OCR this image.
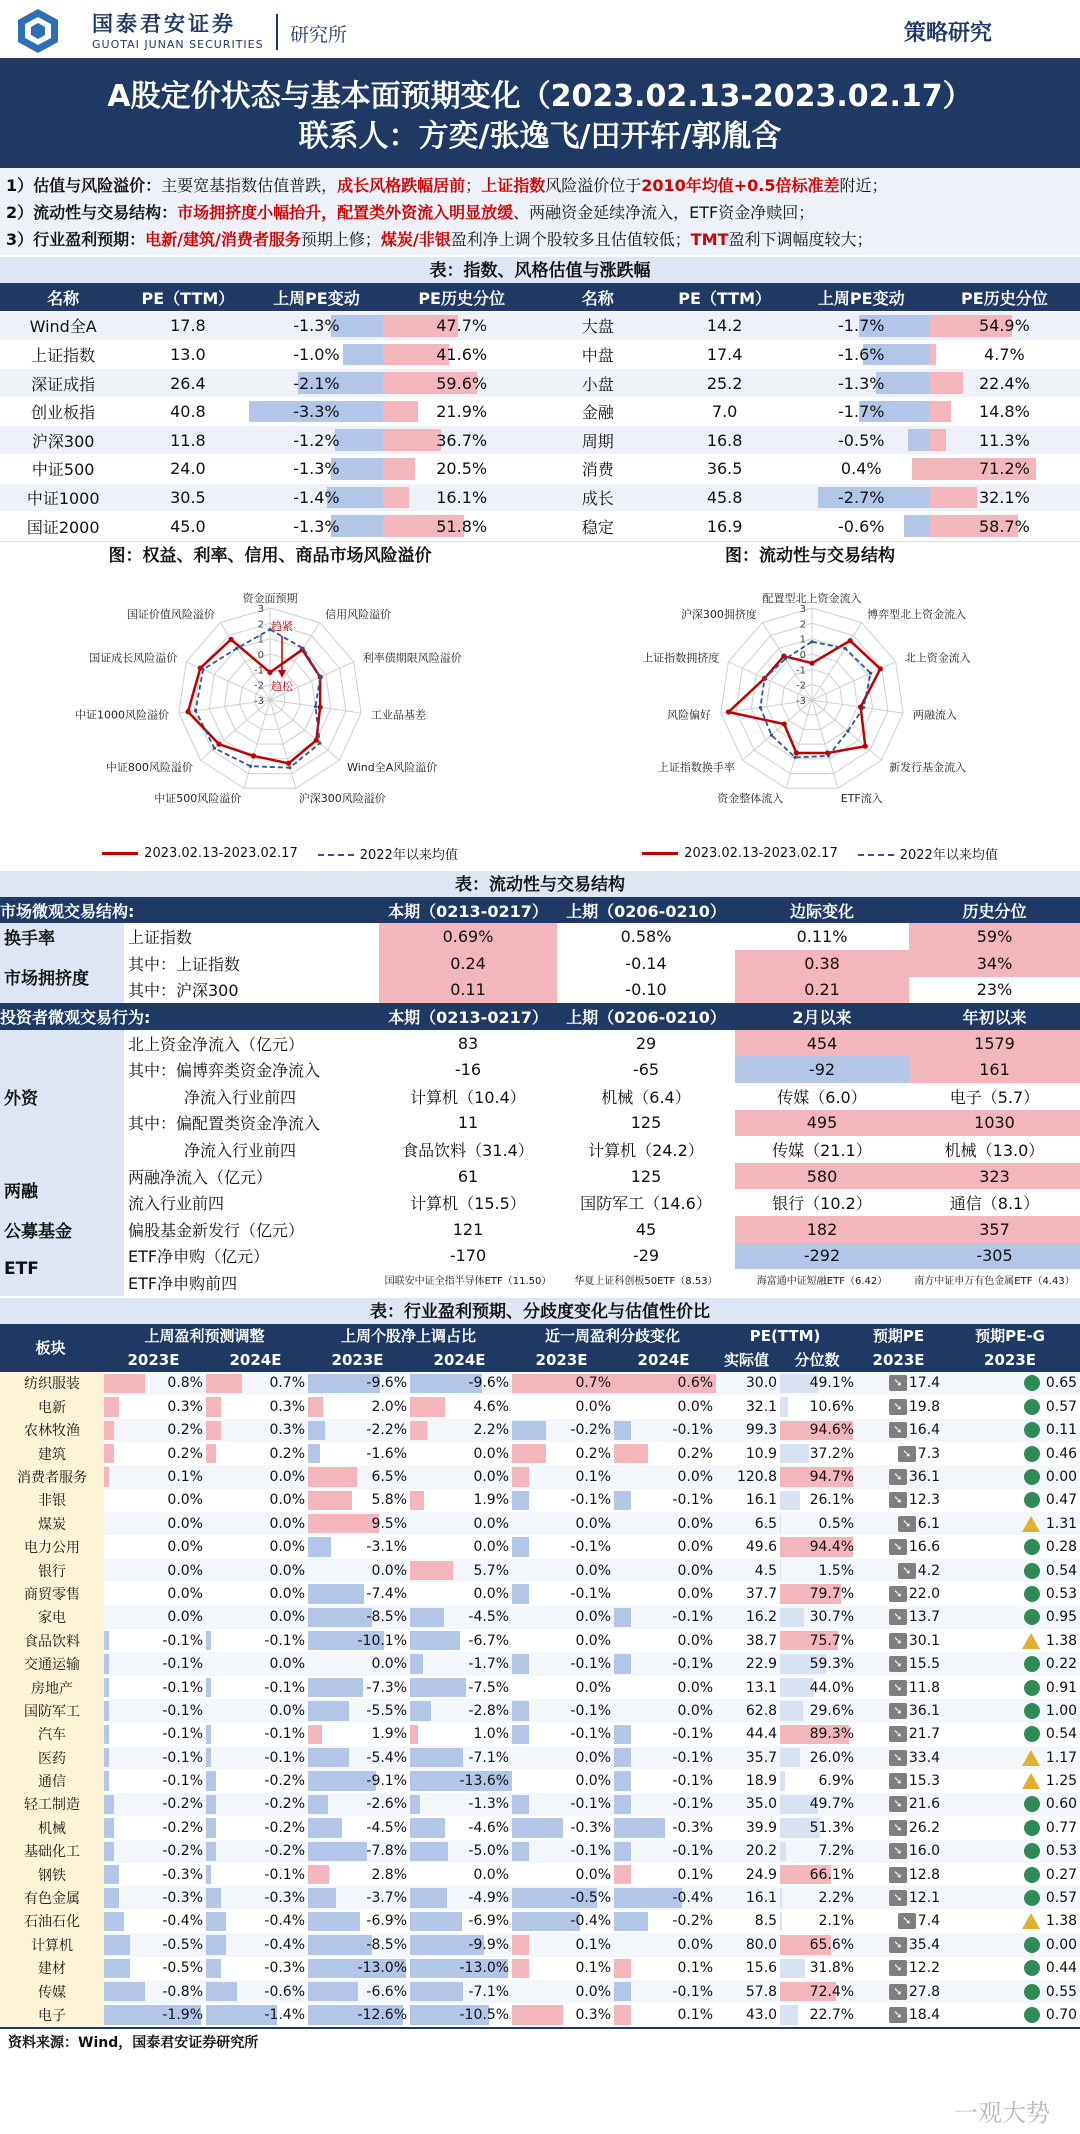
国泰君安证券
GUOTAI JUNAN SECURITIES 研究所	策略研究
A股定价状态与基本面预期变化（2023.02.13-2023.02.17）
联系人：方奕/张逸飞/田开轩/郭胤含
1）估值与风险溢价：主要宽基指数估值普跌，成长风格跌幅居前；上证指数风险溢价位于2010年均值+0.5倍标准差附近；
2）流动性与交易结构：市场拥挤度小幅抬升，配置类外资流入明显放缓、两融资金延续净流入，ETF资金净赎回；
3）行业盈利预期：电新/建筑/消费者服务预期上修；煤炭/非银盈利净上调个股较多且估值较低；TMT盈利下调幅度较大；
表：指数、风格估值与涨跌幅
名称	PE（TTM）	上周PE变动	PE历史分位	名称	PE（TTM）	上周PE变动	PE历史分位
Wind全A	17.8	-1.3%	47.7%	大盘	14.2	-1.7%	54.9%
上证指数	13.0	-1.0%	41.6%	中盘	17.4	-1.6%	4.7%
深证成指	26.4	-2.1%	59.6%	小盘	25.2	-1.3%	22.4%
创业板指	40.8	-3.3%	21.9%	金融	7.0	-1.7%	14.8%
沪深300	11.8	-1.2%	36.7%	周期	16.8	-0.5%	11.3%
中证500	24.0	-1.3%	20.5%	消费	36.5	0.4%	71.2%
中证1000	30.5	-1.4%	16.1%	成长	45.8	-2.7%	32.1%
国证2000	45.0	-1.3%	51.8%	稳定	16.9	-0.6%	58.7%
图：权益、利率、信用、商品市场风险溢价
3
2
1
0
-1
-2
-3
资金面预期
信用风险溢价
利率债期限风险溢价
工业品基差
Wind全A风险溢价
沪深300风险溢价
中证500风险溢价
中证800风险溢价
中证1000风险溢价
国证成长风险溢价
国证价值风险溢价
趋紧
趋松
2023.02.13-2023.02.17	2022年以来均值
图：流动性与交易结构
3
2
1
0
-1
-2
-3
配置型北上资金流入
博弈型北上资金流入
北上资金流入
两融流入
新发行基金流入
ETF流入
资金整体流入
上证指数换手率
风险偏好
上证指数拥挤度
沪深300拥挤度
2023.02.13-2023.02.17	2022年以来均值
表：流动性与交易结构
市场微观交易结构:		本期（0213-0217）	上期（0206-0210）	边际变化	历史分位
换手率	上证指数	0.69%	0.58%	0.11%	59%
市场拥挤度	其中：上证指数	0.24	-0.14	0.38	34%
	其中：沪深300	0.11	-0.10	0.21	23%
投资者微观交易行为:		本期（0213-0217）	上期（0206-0210）	2月以来	年初以来
外资	北上资金净流入（亿元）	83	29	454	1579
	其中：偏博弈类资金净流入	-16	-65	-92	161
	净流入行业前四	计算机（10.4）	机械（6.4）	传媒（6.0）	电子（5.7）
	其中：偏配置类资金净流入	11	125	495	1030
	净流入行业前四	食品饮料（31.4）	计算机（24.2）	传媒（21.1）	机械（13.0）
两融	两融净流入（亿元）	61	125	580	323
	流入行业前四	计算机（15.5）	国防军工（14.6）	银行（10.2）	通信（8.1）
公募基金	偏股基金新发行（亿元）	121	45	182	357
ETF	ETF净申购（亿元）	-170	-29	-292	-305
	ETF净申购前四	国联安中证全指半导体ETF（11.50）	华夏上证科创板50ETF（8.53）	海富通中证短融ETF（6.42）	南方中证申万有色金属ETF（4.43）
表：行业盈利预期、分歧度变化与估值性价比
板块	上周盈利预测调整		上周个股净上调占比		近一周盈利分歧变化		PE(TTM)		预期PE	预期PE-G
	2023E	2024E	2023E	2024E	2023E	2024E	实际值	分位数	2023E	2023E
纺织服装	0.8%	0.7%	-9.6%	-9.6%	0.7%	0.6%	30.0	49.1%	➘ 17.4	0.65
电新	0.3%	0.3%	2.0%	4.6%	0.0%	0.0%	32.1	10.6%	➘ 19.8	0.57
农林牧渔	0.2%	0.3%	-2.2%	2.2%	-0.2%	-0.1%	99.3	94.6%	➘ 16.4	0.11
建筑	0.2%	0.2%	-1.6%	0.0%	0.2%	0.2%	10.9	37.2%	➘ 7.3	0.46
消费者服务	0.1%	0.0%	6.5%	0.0%	0.1%	0.0%	120.8	94.7%	➘ 36.1	0.00
非银	0.0%	0.0%	5.8%	1.9%	-0.1%	-0.1%	16.1	26.1%	➘ 12.3	0.47
煤炭	0.0%	0.0%	9.5%	0.0%	0.0%	0.0%	6.5	0.5%	➘ 6.1	1.31
电力公用	0.0%	0.0%	-3.1%	0.0%	-0.1%	0.0%	49.6	94.4%	➘ 16.6	0.28
银行	0.0%	0.0%	0.0%	5.7%	0.0%	0.0%	4.5	1.5%	➘ 4.2	0.54
商贸零售	0.0%	0.0%	-7.4%	0.0%	-0.1%	0.0%	37.7	79.7%	➘ 22.0	0.53
家电	0.0%	0.0%	-8.5%	-4.5%	0.0%	-0.1%	16.2	30.7%	➘ 13.7	0.95
食品饮料	-0.1%	-0.1%	-10.1%	-6.7%	0.0%	0.0%	38.7	75.7%	➘ 30.1	1.38
交通运输	-0.1%	0.0%	0.0%	-1.7%	-0.1%	-0.1%	22.9	59.3%	➘ 15.5	0.22
房地产	-0.1%	-0.1%	-7.3%	-7.5%	0.0%	0.0%	13.1	44.0%	➘ 11.8	0.91
国防军工	-0.1%	0.0%	-5.5%	-2.8%	-0.1%	0.0%	62.8	29.6%	➘ 36.1	1.00
汽车	-0.1%	-0.1%	1.9%	1.0%	-0.1%	-0.1%	44.4	89.3%	➘ 21.7	0.54
医药	-0.1%	-0.1%	-5.4%	-7.1%	0.0%	-0.1%	35.7	26.0%	➘ 33.4	1.17
通信	-0.1%	-0.2%	-9.1%	-13.6%	0.0%	-0.1%	18.9	6.9%	➘ 15.3	1.25
轻工制造	-0.2%	-0.2%	-2.6%	-1.3%	-0.1%	-0.1%	35.0	49.7%	➘ 21.6	0.60
机械	-0.2%	-0.2%	-4.5%	-4.6%	-0.3%	-0.3%	39.9	51.3%	➘ 26.2	0.77
基础化工	-0.2%	-0.2%	-7.8%	-5.0%	-0.1%	-0.1%	20.2	7.2%	➘ 16.0	0.53
钢铁	-0.3%	-0.1%	2.8%	0.0%	0.0%	0.1%	24.9	66.1%	➘ 12.8	0.27
有色金属	-0.3%	-0.3%	-3.7%	-4.9%	-0.5%	-0.4%	16.1	2.2%	➘ 12.1	0.57
石油石化	-0.4%	-0.4%	-6.9%	-6.9%	-0.4%	-0.2%	8.5	2.1%	➘ 7.4	1.38
计算机	-0.5%	-0.4%	-8.5%	-9.9%	0.1%	0.0%	80.0	65.6%	➘ 35.4	0.00
建材	-0.5%	-0.3%	-13.0%	-13.0%	0.1%	0.1%	15.6	31.8%	➘ 12.2	0.44
传媒	-0.8%	-0.6%	-6.6%	-7.1%	0.0%	-0.1%	57.8	72.4%	➘ 27.8	0.55
电子	-1.9%	-1.4%	-12.6%	-10.5%	0.3%	0.1%	43.0	22.7%	➘ 18.4	0.70
资料来源：Wind，国泰君安证券研究所
一观大势
